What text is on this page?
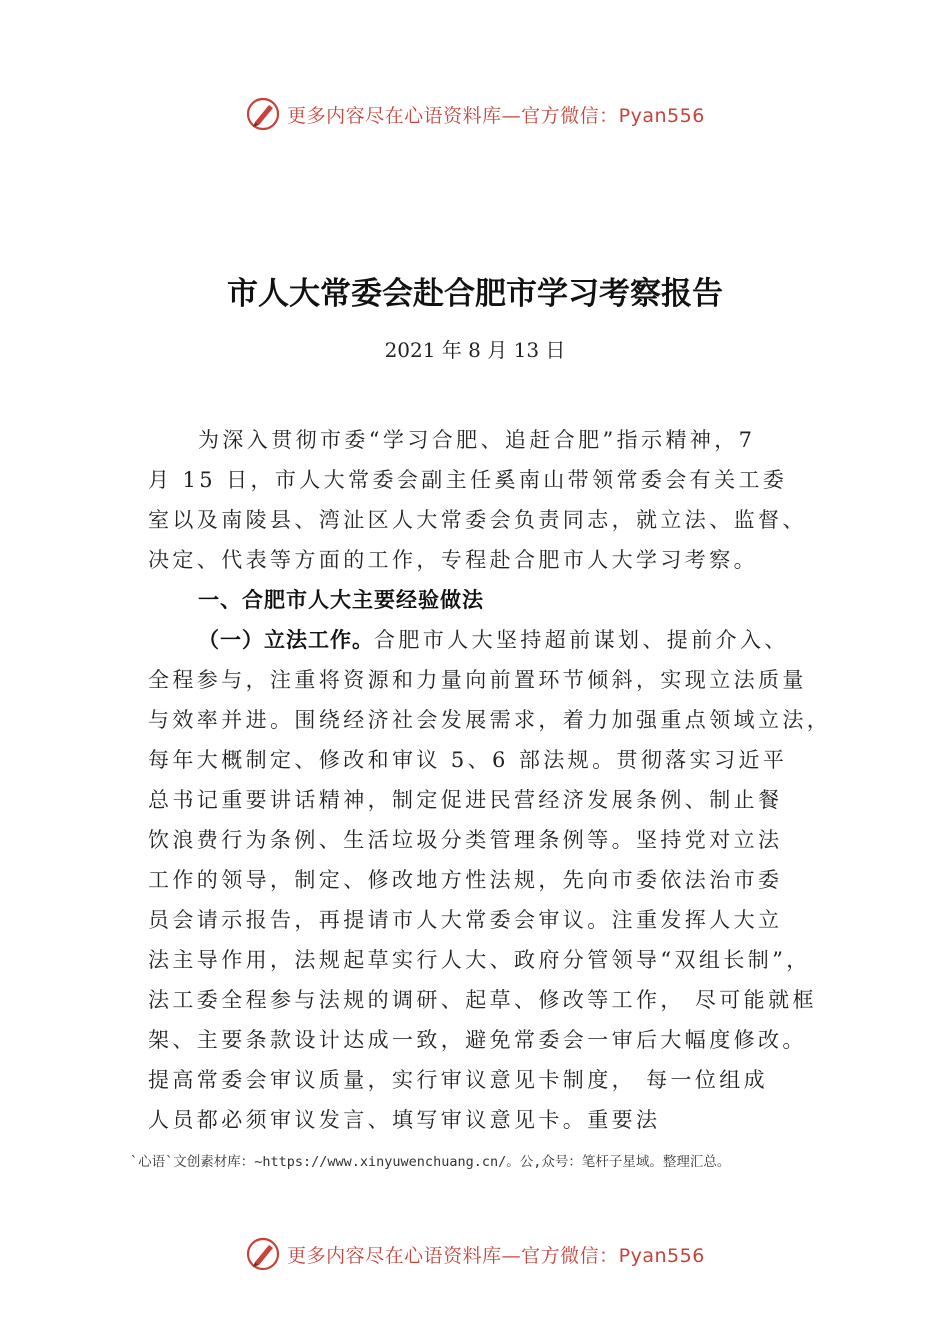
更多内容尽在心语资料库—官方微信：Pyan556
市人大常委会赴合肥市学习考察报告
2021 年 8 月 13 日
为深入贯彻市委“学习合肥、追赶合肥”指示精神，7
月 15 日，市人大常委会副主任奚南山带领常委会有关工委
室以及南陵县、湾沚区人大常委会负责同志，就立法、监督、
决定、代表等方面的工作，专程赴合肥市人大学习考察。
一、合肥市人大主要经验做法
（一）立法工作。合肥市人大坚持超前谋划、提前介入、
全程参与，注重将资源和力量向前置环节倾斜，实现立法质量
与效率并进。围绕经济社会发展需求，着力加强重点领域立法，
每年大概制定、修改和审议 5、6 部法规。贯彻落实习近平
总书记重要讲话精神，制定促进民营经济发展条例、制止餐
饮浪费行为条例、生活垃圾分类管理条例等。坚持党对立法
工作的领导，制定、修改地方性法规，先向市委依法治市委
员会请示报告，再提请市人大常委会审议。注重发挥人大立
法主导作用，法规起草实行人大、政府分管领导“双组长制”，
法工委全程参与法规的调研、起草、修改等工作， 尽可能就框
架、主要条款设计达成一致，避免常委会一审后大幅度修改。
提高常委会审议质量，实行审议意见卡制度， 每一位组成
人员都必须审议发言、填写审议意见卡。重要法
`心语`文创素材库：~https://www.xinyuwenchuang.cn/。公,众号：笔杆子星域。整理汇总。
更多内容尽在心语资料库—官方微信：Pyan556
